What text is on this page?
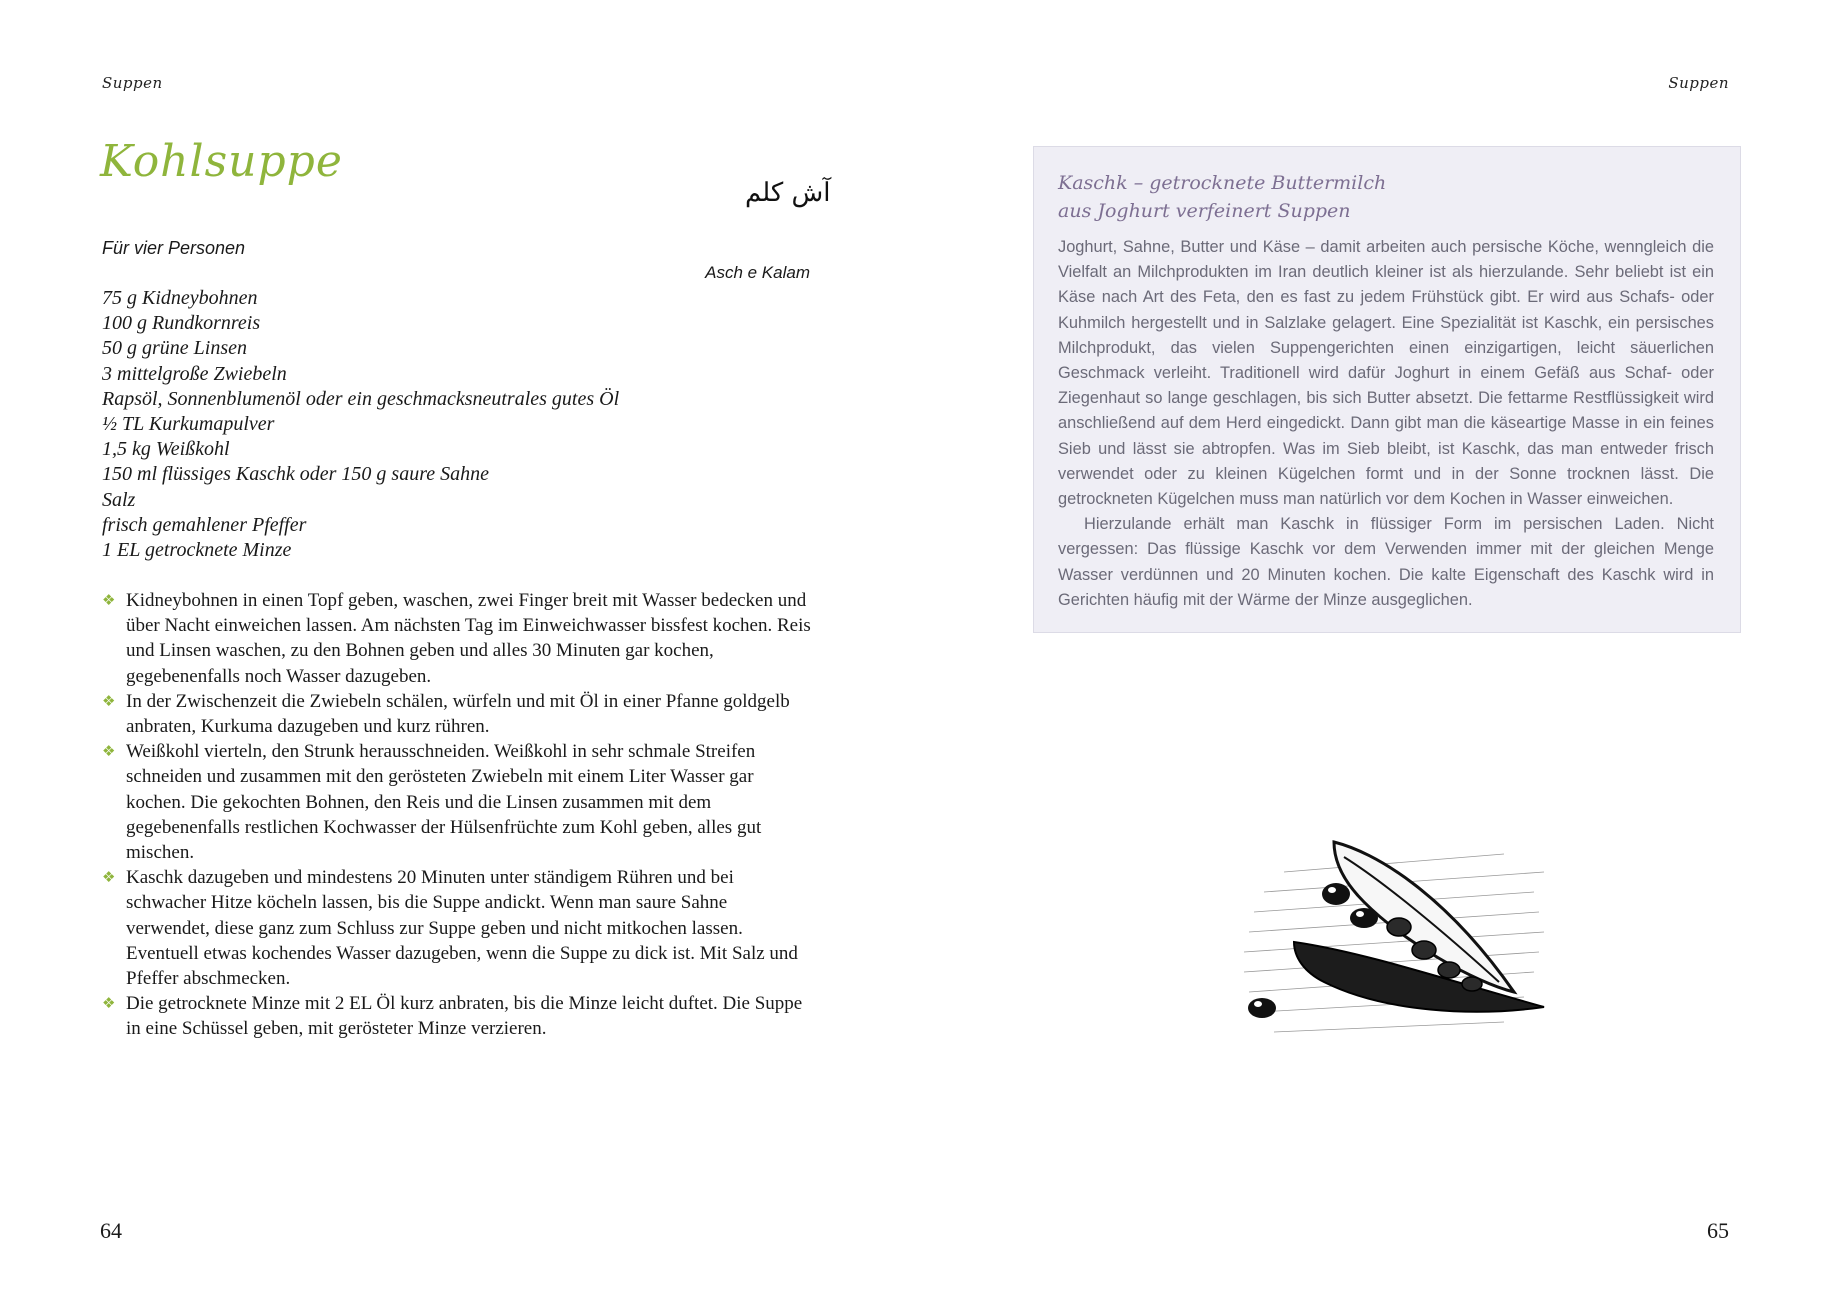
Suppen
Kohlsuppe
آش کلم
Asch e Kalam
Für vier Personen
75 g Kidneybohnen
100 g Rundkornreis
50 g grüne Linsen
3 mittelgroße Zwiebeln
Rapsöl, Sonnenblumenöl oder ein geschmacksneutrales gutes Öl
½ TL Kurkumapulver
1,5 kg Weißkohl
150 ml flüssiges Kaschk oder 150 g saure Sahne
Salz
frisch gemahlener Pfeffer
1 EL getrocknete Minze
❖ Kidneybohnen in einen Topf geben, waschen, zwei Finger breit mit Wasser bedecken und über Nacht einweichen lassen. Am nächsten Tag im Einweichwasser bissfest kochen. Reis und Linsen waschen, zu den Bohnen geben und alles 30 Minuten gar kochen, gegebenenfalls noch Wasser dazugeben.
❖ In der Zwischenzeit die Zwiebeln schälen, würfeln und mit Öl in einer Pfanne goldgelb anbraten, Kurkuma dazugeben und kurz rühren.
❖ Weißkohl vierteln, den Strunk herausschneiden. Weißkohl in sehr schmale Streifen schneiden und zusammen mit den gerösteten Zwiebeln mit einem Liter Wasser gar kochen. Die gekochten Bohnen, den Reis und die Linsen zusammen mit dem gegebenenfalls restlichen Kochwasser der Hülsenfrüchte zum Kohl geben, alles gut mischen.
❖ Kaschk dazugeben und mindestens 20 Minuten unter ständigem Rühren und bei schwacher Hitze köcheln lassen, bis die Suppe andickt. Wenn man saure Sahne verwendet, diese ganz zum Schluss zur Suppe geben und nicht mitkochen lassen. Eventuell etwas kochendes Wasser dazugeben, wenn die Suppe zu dick ist. Mit Salz und Pfeffer abschmecken.
❖ Die getrocknete Minze mit 2 EL Öl kurz anbraten, bis die Minze leicht duftet. Die Suppe in eine Schüssel geben, mit gerösteter Minze verzieren.
64
Suppen
Kaschk – getrocknete Buttermilch
aus Joghurt verfeinert Suppen

Joghurt, Sahne, Butter und Käse – damit arbeiten auch persische Köche, wenngleich die Vielfalt an Milchprodukten im Iran deutlich kleiner ist als hierzulande. Sehr beliebt ist ein Käse nach Art des Feta, den es fast zu jedem Frühstück gibt. Er wird aus Schafs- oder Kuhmilch hergestellt und in Salzlake gelagert. Eine Spezialität ist Kaschk, ein persisches Milchprodukt, das vielen Suppengerichten einen einzigartigen, leicht säuerlichen Geschmack verleiht. Traditionell wird dafür Joghurt in einem Gefäß aus Schaf- oder Ziegenhaut so lange geschlagen, bis sich Butter absetzt. Die fettarme Restflüssigkeit wird anschließend auf dem Herd eingedickt. Dann gibt man die käseartige Masse in ein feines Sieb und lässt sie abtropfen. Was im Sieb bleibt, ist Kaschk, das man entweder frisch verwendet oder zu kleinen Kügelchen formt und in der Sonne trocknen lässt. Die getrockneten Kügelchen muss man natürlich vor dem Kochen in Wasser einweichen.

Hierzulande erhält man Kaschk in flüssiger Form im persischen Laden. Nicht vergessen: Das flüssige Kaschk vor dem Verwenden immer mit der gleichen Menge Wasser verdünnen und 20 Minuten kochen. Die kalte Eigenschaft des Kaschk wird in Gerichten häufig mit der Wärme der Minze ausgeglichen.

65
